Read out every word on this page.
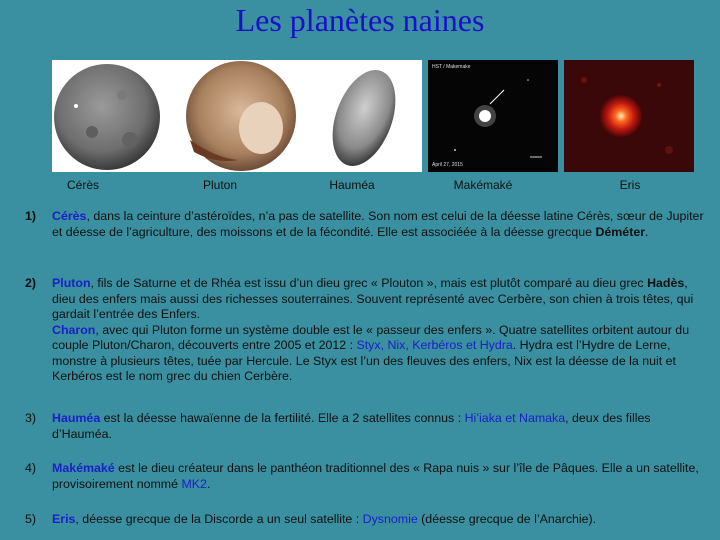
Les planètes naines
HST / Makemake
April 27, 2015
Cérès	Pluton	Hauméa	Makémaké	Eris
1) Cérès, dans la ceinture d’astéroïdes, n’a pas de satellite. Son nom est celui de la déesse latine Cérès, sœur de Jupiter et déesse de l’agriculture, des moissons et de la fécondité. Elle est associéée à la déesse grecque Déméter.
2) Pluton, fils de Saturne et de Rhéa est issu d’un dieu grec « Plouton », mais est plutôt comparé au dieu grec Hadès, dieu des enfers mais aussi des richesses souterraines. Souvent représenté avec Cerbère, son chien à trois têtes, qui gardait l’entrée des Enfers.
Charon, avec qui Pluton forme un système double est le « passeur des enfers ». Quatre satellites orbitent autour du couple Pluton/Charon, découverts entre 2005 et 2012 : Styx, Nix, Kerbéros et Hydra. Hydra est l’Hydre de Lerne, monstre à plusieurs têtes, tuée par Hercule. Le Styx est l’un des fleuves des enfers, Nix est la déesse de la nuit et Kerbéros est le nom grec du chien Cerbère.
3) Hauméa est la déesse hawaïenne de la fertilité. Elle a 2 satellites connus : Hi’iaka et Namaka, deux des filles d’Hauméa.
4) Makémaké est le dieu créateur dans le panthéon traditionnel des « Rapa nuis » sur l’île de Pâques. Elle a un satellite, provisoirement nommé MK2.
5) Eris, déesse grecque de la Discorde a un seul satellite : Dysnomie (déesse grecque de l’Anarchie).
